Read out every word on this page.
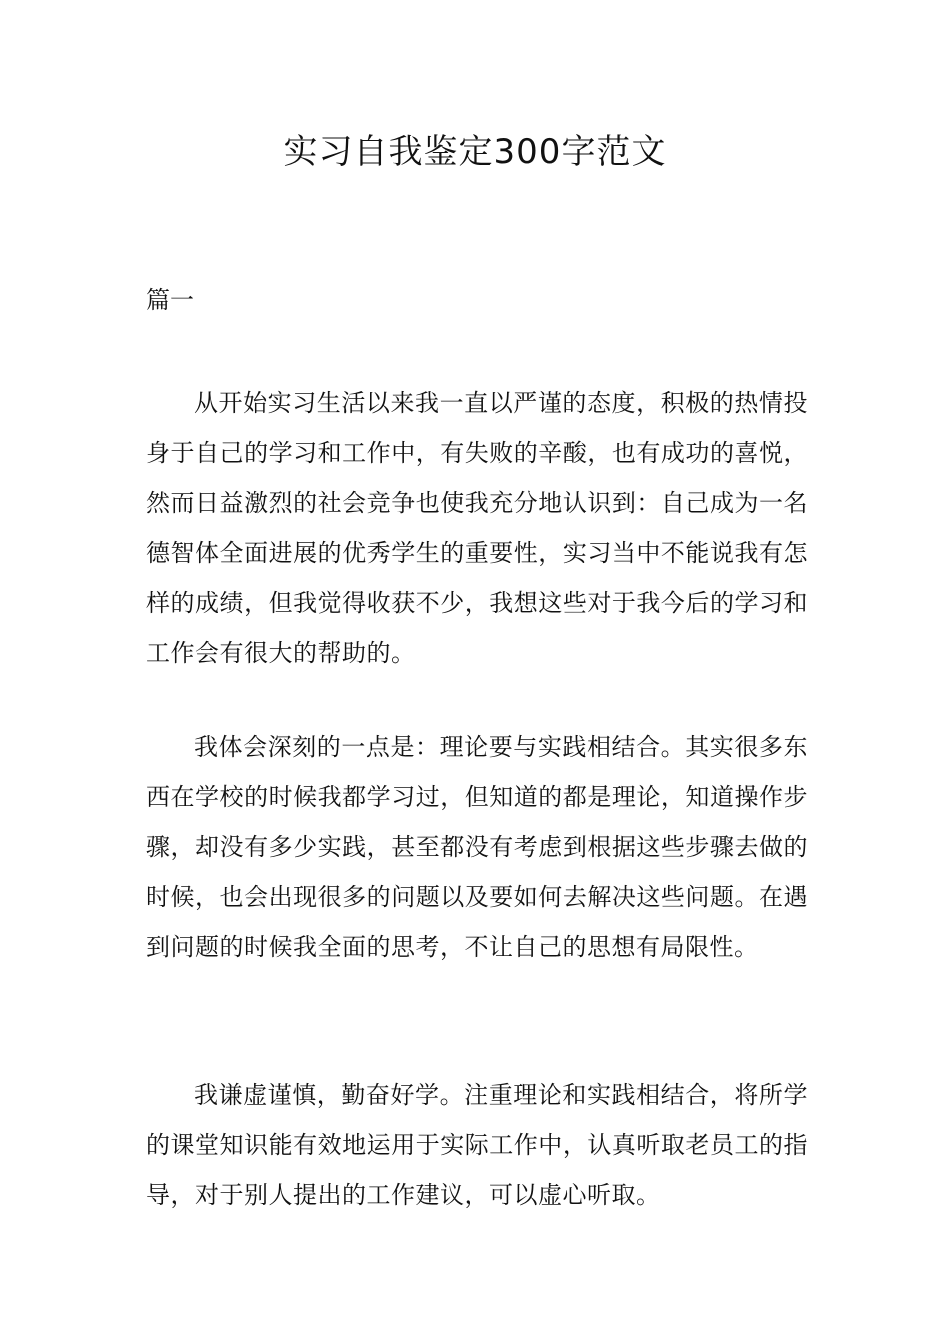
实习自我鉴定300字范文
篇一

从开始实习生活以来我一直以严谨的态度，积极的热情投身于自己的学习和工作中，有失败的辛酸，也有成功的喜悦，然而日益激烈的社会竞争也使我充分地认识到：自己成为一名德智体全面进展的优秀学生的重要性，实习当中不能说我有怎样的成绩，但我觉得收获不少，我想这些对于我今后的学习和工作会有很大的帮助的。

我体会深刻的一点是：理论要与实践相结合。其实很多东西在学校的时候我都学习过，但知道的都是理论，知道操作步骤，却没有多少实践，甚至都没有考虑到根据这些步骤去做的时候，也会出现很多的问题以及要如何去解决这些问题。在遇到问题的时候我全面的思考，不让自己的思想有局限性。

我谦虚谨慎，勤奋好学。注重理论和实践相结合，将所学的课堂知识能有效地运用于实际工作中，认真听取老员工的指导，对于别人提出的工作建议，可以虚心听取。
